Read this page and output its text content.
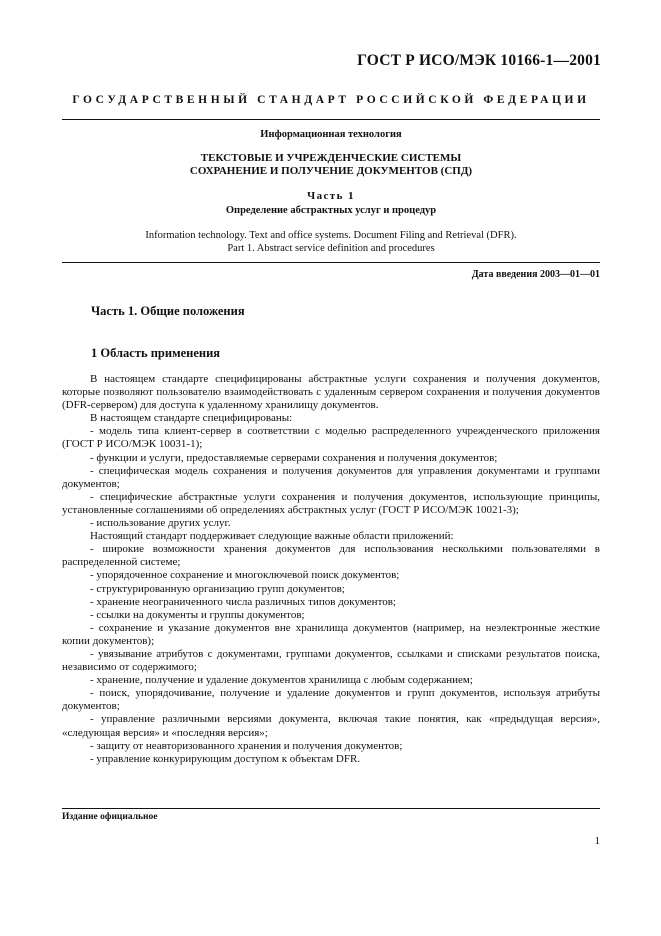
ГОСТ Р ИСО/МЭК 10166-1—2001
ГОСУДАРСТВЕННЫЙ СТАНДАРТ РОССИЙСКОЙ ФЕДЕРАЦИИ
Информационная технология
ТЕКСТОВЫЕ И УЧРЕЖДЕНЧЕСКИЕ СИСТЕМЫ
СОХРАНЕНИЕ И ПОЛУЧЕНИЕ ДОКУМЕНТОВ (СПД)
Часть 1
Определение абстрактных услуг и процедур
Information technology. Text and office systems. Document Filing and Retrieval (DFR).
Part 1. Abstract service definition and procedures
Дата введения 2003—01—01
Часть 1. Общие положения
1 Область применения

В настоящем стандарте специфицированы абстрактные услуги сохранения и получения документов, которые позволяют пользователю взаимодействовать с удаленным сервером сохранения и получения документов (DFR-сервером) для доступа к удаленному хранилищу документов.

В настоящем стандарте специфицированы:

- модель типа клиент-сервер в соответствии с моделью распределенного учрежденческого приложения (ГОСТ Р ИСО/МЭК 10031-1);

- функции и услуги, предоставляемые серверами сохранения и получения документов;

- специфическая модель сохранения и получения документов для управления документами и группами документов;

- специфические абстрактные услуги сохранения и получения документов, использующие принципы, установленные соглашениями об определениях абстрактных услуг (ГОСТ Р ИСО/МЭК 10021-3);

- использование других услуг.

Настоящий стандарт поддерживает следующие важные области приложений:

- широкие возможности хранения документов для использования несколькими пользователями в распределенной системе;

- упорядоченное сохранение и многоключевой поиск документов;

- структурированную организацию групп документов;

- хранение неограниченного числа различных типов документов;

- ссылки на документы и группы документов;

- сохранение и указание документов вне хранилища документов (например, на неэлектронные жесткие копии документов);

- увязывание атрибутов с документами, группами документов, ссылками и списками результатов поиска, независимо от содержимого;

- хранение, получение и удаление документов хранилища с любым содержанием;

- поиск, упорядочивание, получение и удаление документов и групп документов, используя атрибуты документов;

- управление различными версиями документа, включая такие понятия, как «предыдущая версия», «следующая версия» и «последняя версия»;

- защиту от неавторизованного хранения и получения документов;

- управление конкурирующим доступом к объектам DFR.

Издание официальное
1
